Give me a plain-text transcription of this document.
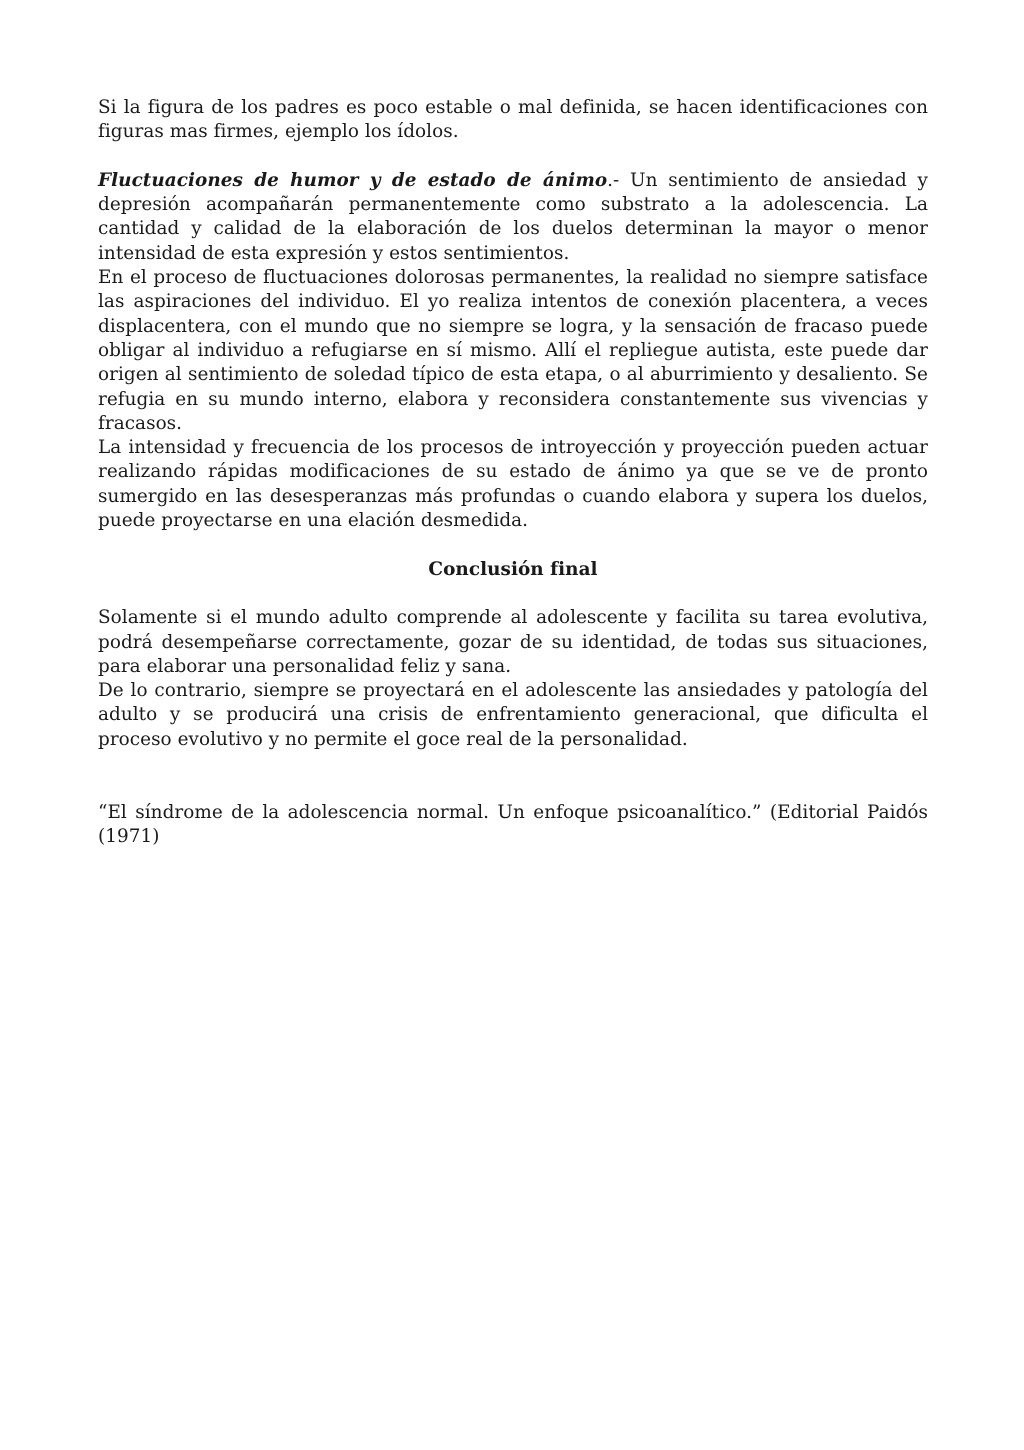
Si la figura de los padres es poco estable o mal definida, se hacen identificaciones con figuras mas firmes, ejemplo los ídolos.

Fluctuaciones de humor y de estado de ánimo.- Un sentimiento de ansiedad y depresión acompañarán permanentemente como substrato a la adolescencia. La cantidad y calidad de la elaboración de los duelos determinan la mayor o menor intensidad de esta expresión y estos sentimientos.

En el proceso de fluctuaciones dolorosas permanentes, la realidad no siempre satisface las aspiraciones del individuo. El yo realiza intentos de conexión placentera, a veces displacentera, con el mundo que no siempre se logra, y la sensación de fracaso puede obligar al individuo a refugiarse en sí mismo. Allí el repliegue autista, este puede dar origen al sentimiento de soledad típico de esta etapa, o al aburrimiento y desaliento. Se refugia en su mundo interno, elabora y reconsidera constantemente sus vivencias y fracasos.

La intensidad y frecuencia de los procesos de introyección y proyección pueden actuar realizando rápidas modificaciones de su estado de ánimo ya que se ve de pronto sumergido en las desesperanzas más profundas o cuando elabora y supera los duelos, puede proyectarse en una elación desmedida.

Conclusión final

Solamente si el mundo adulto comprende al adolescente y facilita su tarea evolutiva, podrá desempeñarse correctamente, gozar de su identidad, de todas sus situaciones, para elaborar una personalidad feliz y sana.

De lo contrario, siempre se proyectará en el adolescente las ansiedades y patología del adulto y se producirá una crisis de enfrentamiento generacional, que dificulta el proceso evolutivo y no permite el goce real de la personalidad.

“El síndrome de la adolescencia normal. Un enfoque psicoanalítico.” (Editorial Paidós (1971)
